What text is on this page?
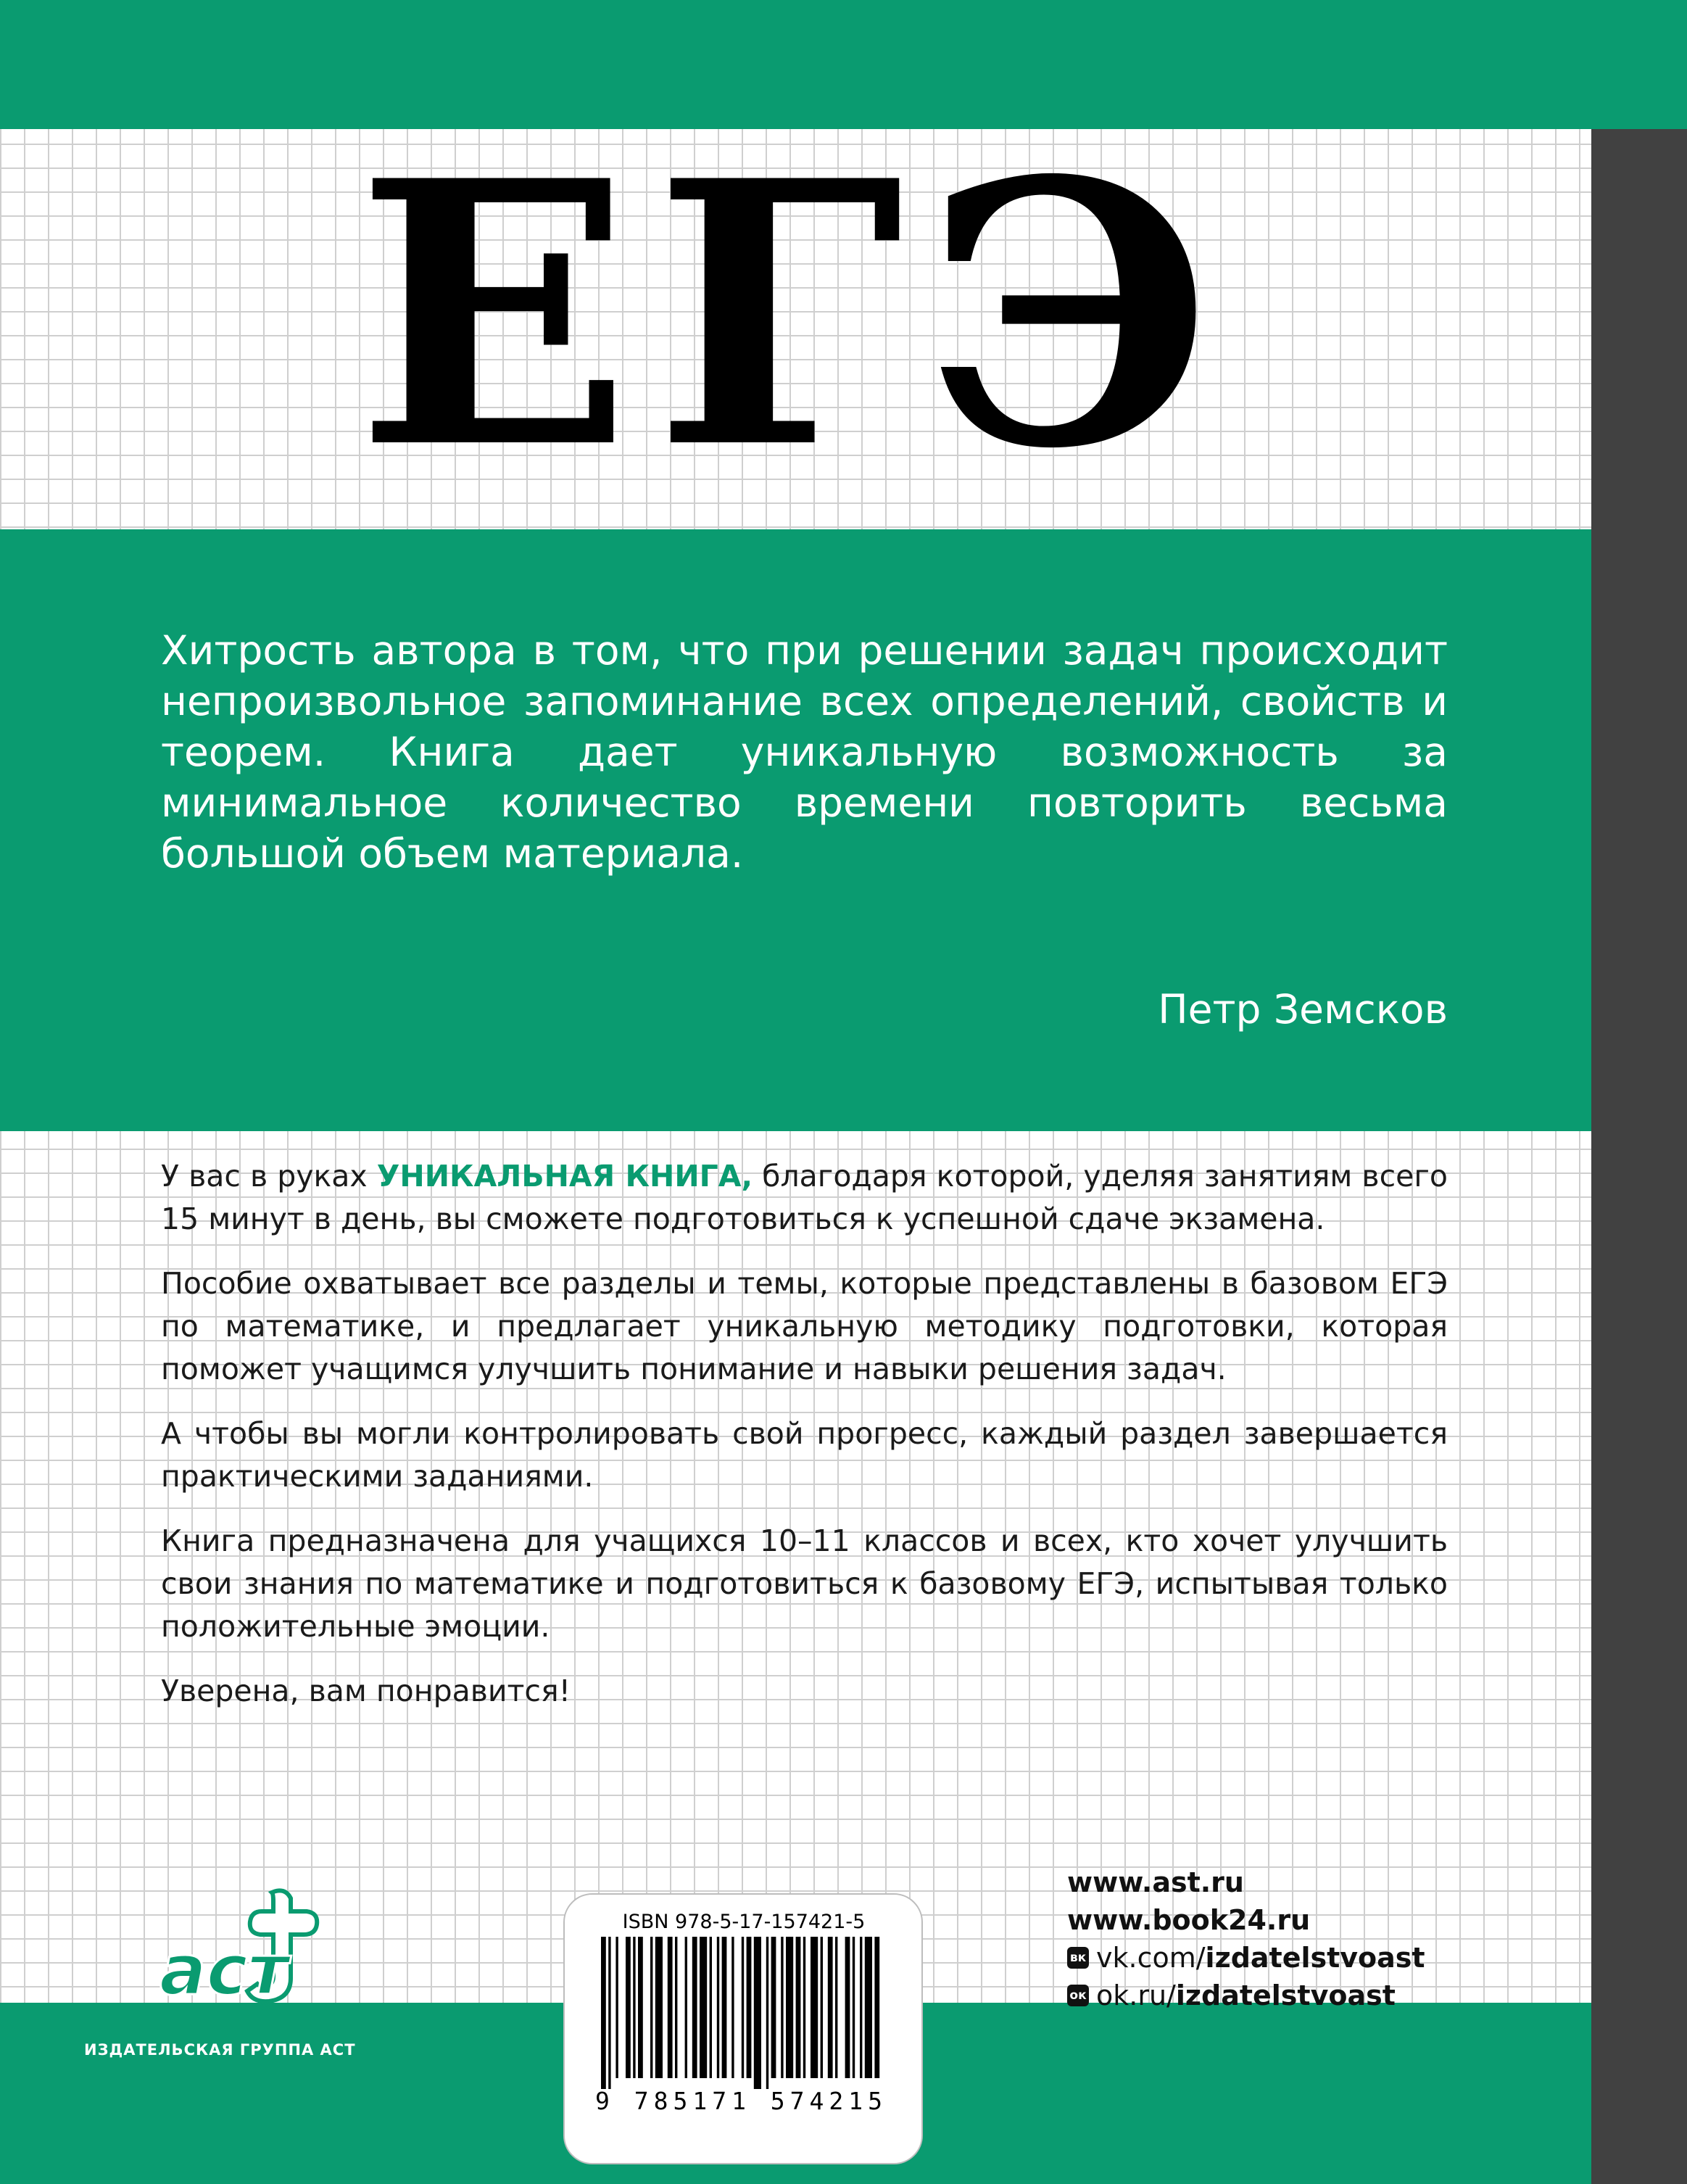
ЕГЭ

Хитрость автора в том, что при решении задач происходит непроизвольное запоминание всех определений, свойств и теорем. Книга дает уникальную возможность за минимальное количество времени повторить весьма большой объем материала.

Петр Земсков

У вас в руках УНИКАЛЬНАЯ КНИГА, благодаря которой, уделяя занятиям всего 15 минут в день, вы сможете подготовиться к успешной сдаче экзамена.

Пособие охватывает все разделы и темы, которые представлены в базовом ЕГЭ по математике, и предлагает уникальную методику подготовки, которая поможет учащимся улучшить понимание и навыки решения задач.

А чтобы вы могли контролировать свой прогресс, каждый раздел завершается практическими заданиями.

Книга предназначена для учащихся 10–11 классов и всех, кто хочет улучшить свои знания по математике и подготовиться к базовому ЕГЭ, испытывая только положительные эмоции.

Уверена, вам понравится!

аст
ИЗДАТЕЛЬСКАЯ ГРУППА АСТ
ISBN 978-5-17-157421-5
9 785171 574215
www.ast.ru
www.book24.ru
вк vk.com/ izdatelstvoast
ок ok.ru/ izdatelstvoast
